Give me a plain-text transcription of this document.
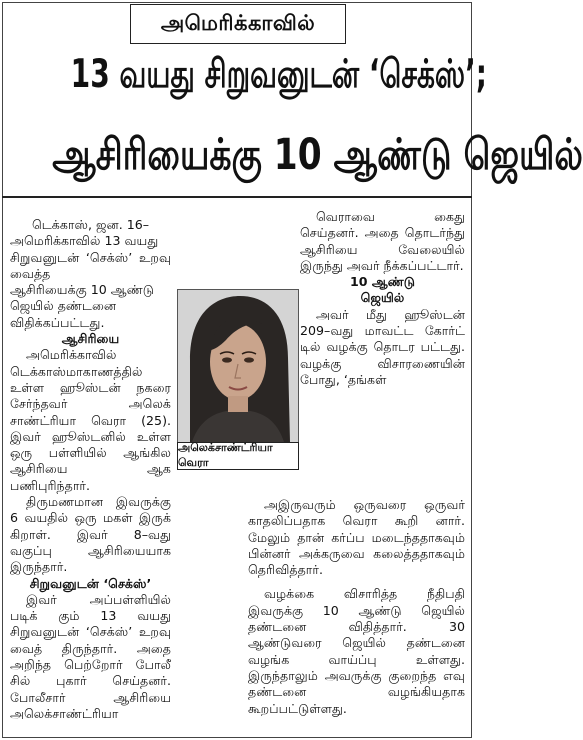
அமெரிக்காவில்
13 வயது சிறுவனுடன் ‘செக்ஸ்’;
ஆசிரியைக்கு 10 ஆண்டு ஜெயில்

டெக்காஸ், ஜன. 16–

அமெரிக்காவில் 13 வயது

சிறுவனுடன் ‘செக்ஸ்’ உறவு வைத்த

ஆசிரியைக்கு 10 ஆண்டு

ஜெயில் தண்டனை

விதிக்கப்பட்டது.

ஆசிரியை

அமெரிக்காவில் டெக்காஸ்மாகாணத்தில் உள்ள ஹூஸ்டன் நகரை சேர்ந்தவர் அலெக் சாண்ட்ரியா வெரா (25). இவர் ஹூஸ்டனில் உள்ள ஒரு பள்ளியில் ஆங்கில ஆசிரியை ஆக பணிபுரிந்தார்.

திருமணமான இவருக்கு 6 வயதில் ஒரு மகள் இருக் கிறாள். இவர் 8–வது வகுப்பு ஆசிரியையாக இருந்தார்.

சிறுவனுடன் ‘செக்ஸ்’

இவர் அப்பள்ளியில் படிக் கும் 13 வயது சிறுவனுடன் ‘செக்ஸ்’ உறவு வைத் திருந்தார். அதை அறிந்த பெற்றோர் போலீ சில் புகார் செய்தனர். போலீசார் ஆசிரியை அலெக்சாண்ட்ரியா

அலெக்சாண்ட்ரியா வெரா

வெராவை கைது செய்தனர். அதை தொடர்ந்து ஆசிரியை வேலையில் இருந்து அவர் நீக்கப்பட்டார்.

10 ஆண்டு

ஜெயில்

அவர் மீது ஹூஸ்டன் 209–வது மாவட்ட கோர்ட் டில் வழக்கு தொடர பட்டது. வழக்கு விசாரணையின் போது, ‘தங்கள்

அஇருவரும் ஒருவரை ஒருவர் காதலிப்பதாக வெரா கூறி னார். மேலும் தான் கர்ப்ப மடைந்ததாகவும் பின்னர் அக்கருவை கலைத்ததாகவும் தெரிவித்தார்.

வழக்கை விசாரித்த நீதிபதி இவருக்கு 10 ஆண்டு ஜெயில் தண்டனை விதித்தார். 30 ஆண்டுவரை ஜெயில் தண்டனை வழங்க வாய்ப்பு உள்ளது. இருந்தாலும் அவருக்கு குறைந்த எவு தண்டனை வழங்கியதாக கூறப்பட்டுள்ளது.
